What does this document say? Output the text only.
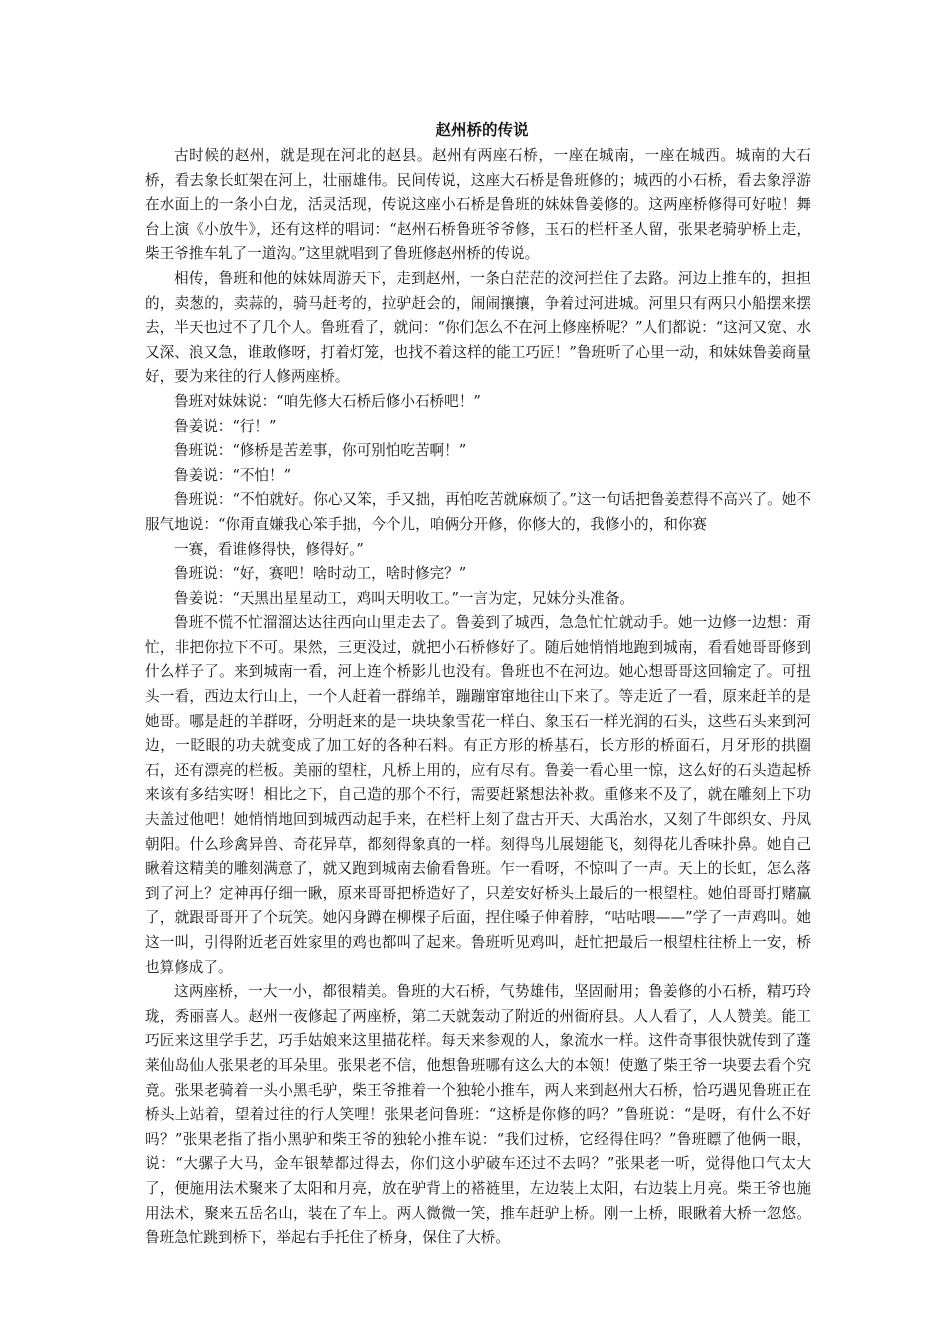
赵州桥的传说

古时候的赵州，就是现在河北的赵县。赵州有两座石桥，一座在城南，一座在城西。城南的大石桥，看去象长虹架在河上，壮丽雄伟。民间传说，这座大石桥是鲁班修的；城西的小石桥，看去象浮游在水面上的一条小白龙，活灵活现，传说这座小石桥是鲁班的妹妹鲁姜修的。这两座桥修得可好啦！舞台上演《小放牛》，还有这样的唱词：“赵州石桥鲁班爷爷修，玉石的栏杆圣人留，张果老骑驴桥上走，柴王爷推车轧了一道沟。”这里就唱到了鲁班修赵州桥的传说。

相传，鲁班和他的妹妹周游天下，走到赵州，一条白茫茫的洨河拦住了去路。河边上推车的，担担的，卖葱的，卖蒜的，骑马赶考的，拉驴赶会的，闹闹攘攘，争着过河进城。河里只有两只小船摆来摆去，半天也过不了几个人。鲁班看了，就问：“你们怎么不在河上修座桥呢？”人们都说：“这河又宽、水又深、浪又急，谁敢修呀，打着灯笼，也找不着这样的能工巧匠！”鲁班听了心里一动，和妹妹鲁姜商量好，要为来往的行人修两座桥。

鲁班对妹妹说：“咱先修大石桥后修小石桥吧！”

鲁姜说：“行！”

鲁班说：“修桥是苦差事，你可别怕吃苦啊！”

鲁姜说：“不怕！”

鲁班说：“不怕就好。你心又笨，手又拙，再怕吃苦就麻烦了。”这一句话把鲁姜惹得不高兴了。她不服气地说：“你甭直嫌我心笨手拙，今个儿，咱俩分开修，你修大的，我修小的，和你赛

一赛，看谁修得快，修得好。”

鲁班说：“好，赛吧！啥时动工，啥时修完？”

鲁姜说：“天黑出星星动工，鸡叫天明收工。”一言为定，兄妹分头准备。

鲁班不慌不忙溜溜达达往西向山里走去了。鲁姜到了城西，急急忙忙就动手。她一边修一边想：甭忙，非把你拉下不可。果然，三更没过，就把小石桥修好了。随后她悄悄地跑到城南，看看她哥哥修到什么样子了。来到城南一看，河上连个桥影儿也没有。鲁班也不在河边。她心想哥哥这回输定了。可扭头一看，西边太行山上，一个人赶着一群绵羊，蹦蹦窜窜地往山下来了。等走近了一看，原来赶羊的是她哥。哪是赶的羊群呀，分明赶来的是一块块象雪花一样白、象玉石一样光润的石头，这些石头来到河边，一眨眼的功夫就变成了加工好的各种石料。有正方形的桥基石，长方形的桥面石，月牙形的拱圈石，还有漂亮的栏板。美丽的望柱，凡桥上用的，应有尽有。鲁姜一看心里一惊，这么好的石头造起桥来该有多结实呀！相比之下，自己造的那个不行，需要赶紧想法补救。重修来不及了，就在雕刻上下功夫盖过他吧！她悄悄地回到城西动起手来，在栏杆上刻了盘古开天、大禹治水，又刻了牛郎织女、丹凤朝阳。什么珍禽异兽、奇花异草，都刻得象真的一样。刻得鸟儿展翅能飞，刻得花儿香味扑鼻。她自己瞅着这精美的雕刻满意了，就又跑到城南去偷看鲁班。乍一看呀，不惊叫了一声。天上的长虹，怎么落到了河上？定神再仔细一瞅，原来哥哥把桥造好了，只差安好桥头上最后的一根望柱。她伯哥哥打赌赢了，就跟哥哥开了个玩笑。她闪身蹲在柳棵子后面，捏住嗓子伸着脖，“咕咕喂——”学了一声鸡叫。她这一叫，引得附近老百姓家里的鸡也都叫了起来。鲁班听见鸡叫，赶忙把最后一根望柱往桥上一安，桥也算修成了。

这两座桥，一大一小，都很精美。鲁班的大石桥，气势雄伟，坚固耐用；鲁姜修的小石桥，精巧玲珑，秀丽喜人。赵州一夜修起了两座桥，第二天就轰动了附近的州衙府县。人人看了，人人赞美。能工巧匠来这里学手艺，巧手姑娘来这里描花样。每天来参观的人，象流水一样。这件奇事很快就传到了蓬莱仙岛仙人张果老的耳朵里。张果老不信，他想鲁班哪有这么大的本领！使邀了柴王爷一块要去看个究竟。张果老骑着一头小黑毛驴，柴王爷推着一个独轮小推车，两人来到赵州大石桥，恰巧遇见鲁班正在桥头上站着，望着过往的行人笑哩！张果老问鲁班：“这桥是你修的吗？”鲁班说：“是呀，有什么不好吗？”张果老指了指小黑驴和柴王爷的独轮小推车说：“我们过桥，它经得住吗？”鲁班瞟了他俩一眼，说：“大骡子大马，金车银辇都过得去，你们这小驴破车还过不去吗？”张果老一听，觉得他口气太大了，便施用法术聚来了太阳和月亮，放在驴背上的褡裢里，左边装上太阳，右边装上月亮。柴王爷也施用法术，聚来五岳名山，装在了车上。两人微微一笑，推车赶驴上桥。刚一上桥，眼瞅着大桥一忽悠。鲁班急忙跳到桥下，举起右手托住了桥身，保住了大桥。
